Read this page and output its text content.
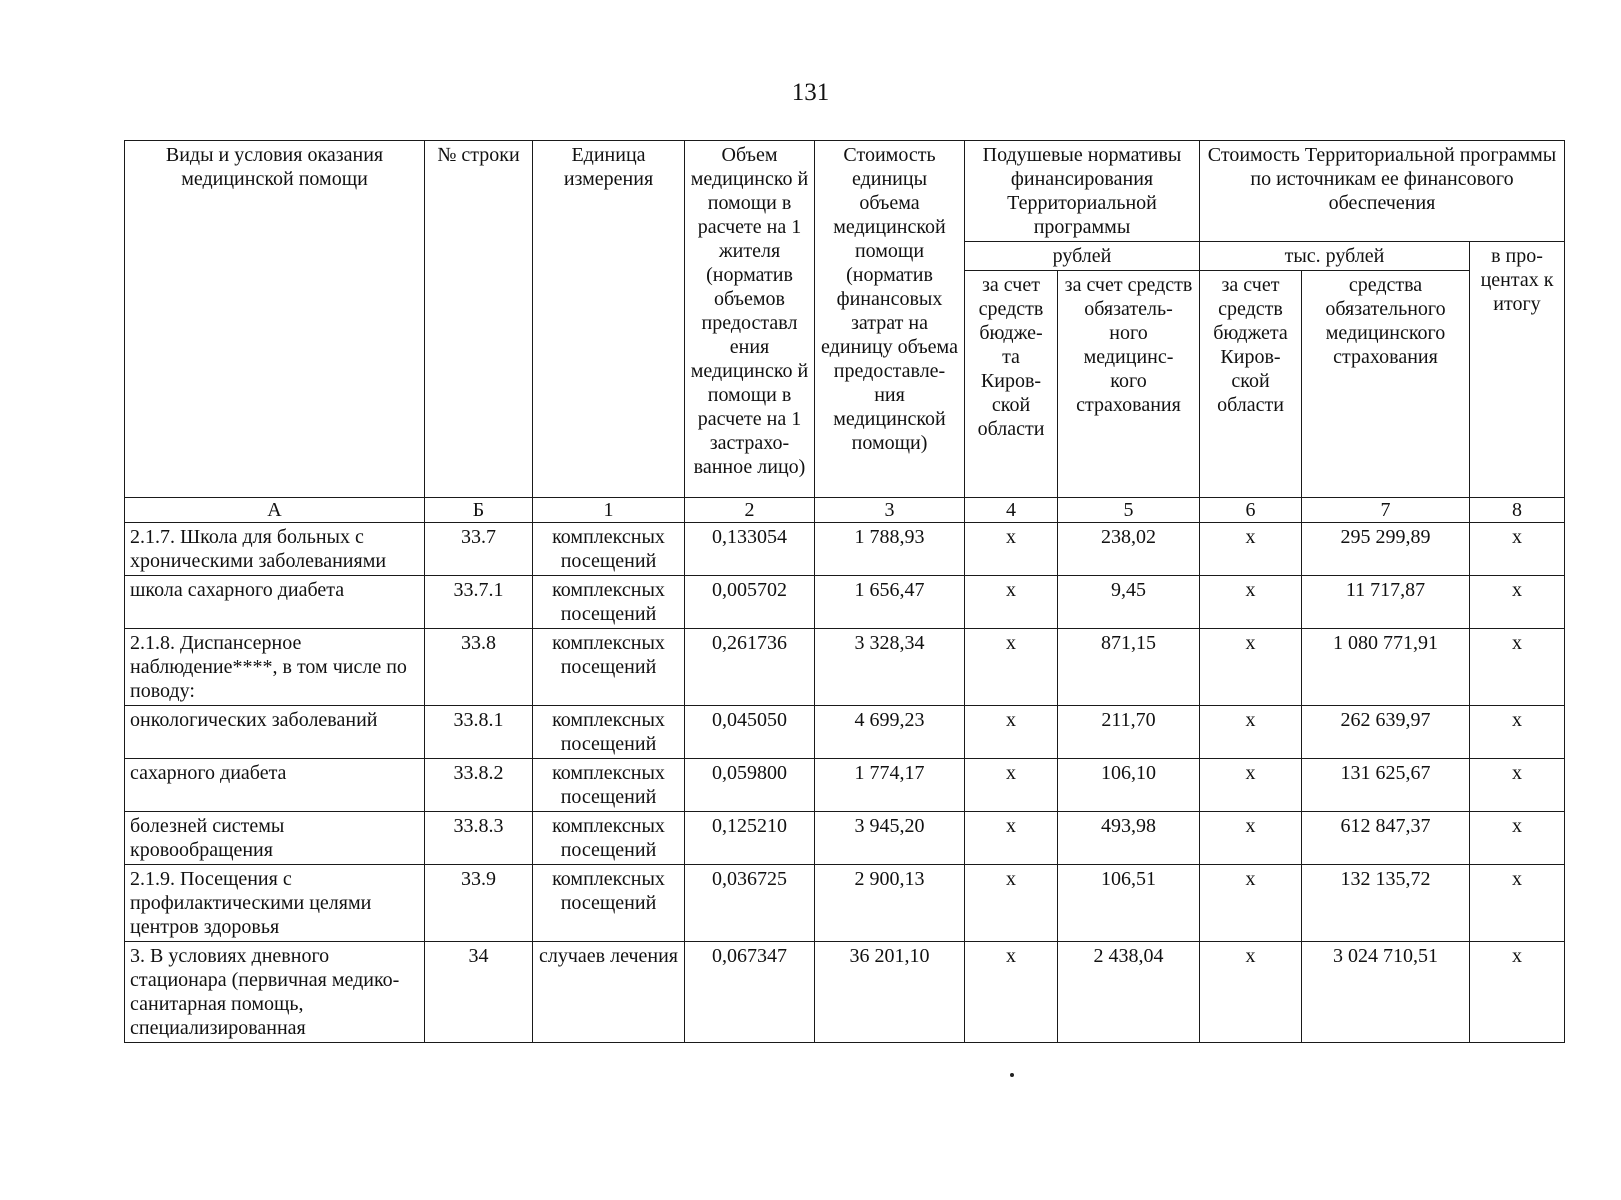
131
Виды и условия оказания медицинской помощи	№ строки	Единица измерения	Объем медицинско й помощи в расчете на 1 жителя (норматив объемов предоставл ения медицинско й помощи в расчете на 1 застрахо- ванное лицо)	Стоимость единицы объема медицинской помощи (норматив финансовых затрат на единицу объема предоставле- ния медицинской помощи)	Подушевые нормативы финансирования Территориальной программы		Стоимость Территориальной программы по источникам ее финансового обеспечения		
					рублей		тыс. рублей		в про- центах к итогу
					за счет средств бюдже- та Киров- ской области	за счет средств обязатель- ного медицинс- кого страхования	за счет средств бюджета Киров- ской области	средства обязательного медицинского страхования	
А	Б	1	2	3	4	5	6	7	8
2.1.7. Школа для больных с хроническими заболеваниями	33.7	комплексных посещений	0,133054	1 788,93	х	238,02	х	295 299,89	х
школа сахарного диабета	33.7.1	комплексных посещений	0,005702	1 656,47	х	9,45	х	11 717,87	х
2.1.8. Диспансерное наблюдение****, в том числе по поводу:	33.8	комплексных посещений	0,261736	3 328,34	х	871,15	х	1 080 771,91	х
онкологических заболеваний	33.8.1	комплексных посещений	0,045050	4 699,23	х	211,70	х	262 639,97	х
сахарного диабета	33.8.2	комплексных посещений	0,059800	1 774,17	х	106,10	х	131 625,67	х
болезней системы кровообращения	33.8.3	комплексных посещений	0,125210	3 945,20	х	493,98	х	612 847,37	х
2.1.9. Посещения с профилактическими целями центров здоровья	33.9	комплексных посещений	0,036725	2 900,13	х	106,51	х	132 135,72	х
3. В условиях дневного стационара (первичная медико-санитарная помощь, специализированная	34	случаев лечения	0,067347	36 201,10	х	2 438,04	х	3 024 710,51	х
